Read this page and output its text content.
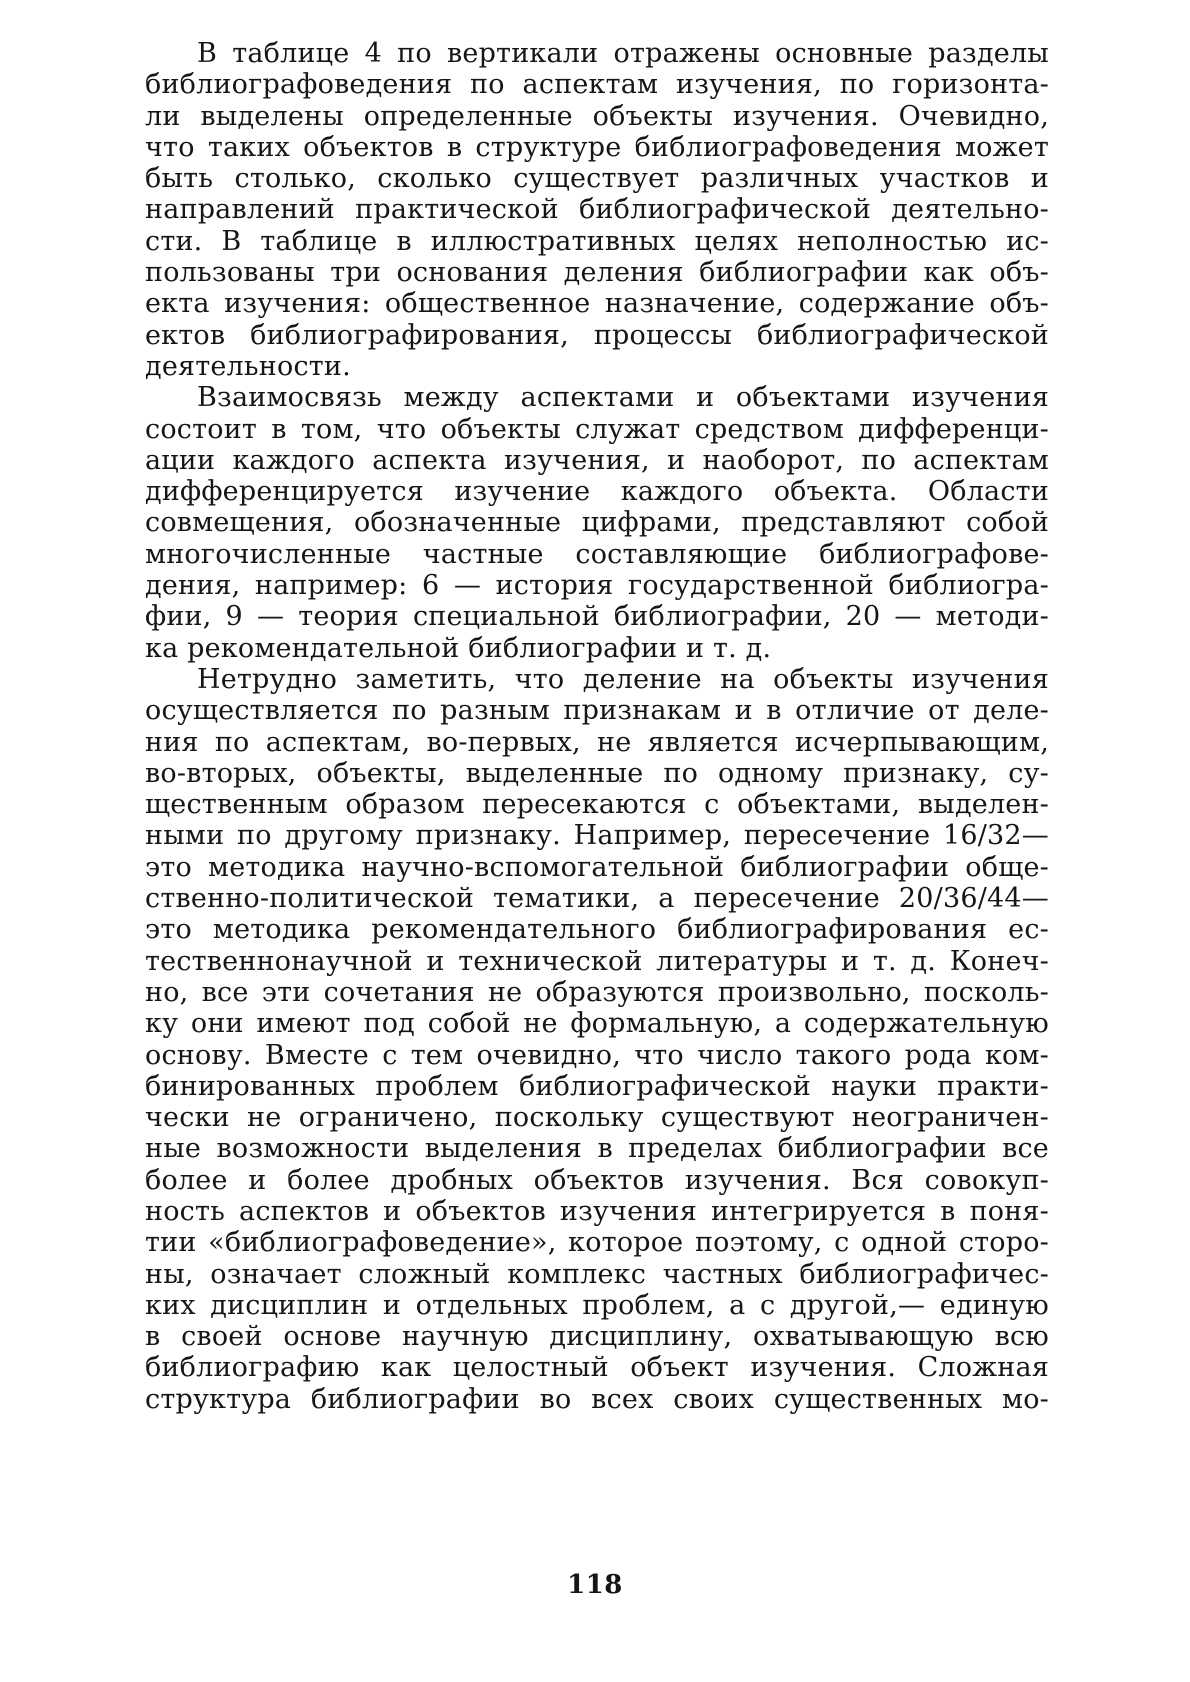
В таблице 4 по вертикали отражены основные разделы
библиографоведения по аспектам изучения, по горизонта-
ли выделены определенные объекты изучения. Очевидно,
что таких объектов в структуре библиографоведения может
быть столько, сколько существует различных участков и
направлений практической библиографической деятельно-
сти. В таблице в иллюстративных целях неполностью ис-
пользованы три основания деления библиографии как объ-
екта изучения: общественное назначение, содержание объ-
ектов библиографирования, процессы библиографической
деятельности.
Взаимосвязь между аспектами и объектами изучения
состоит в том, что объекты служат средством дифференци-
ации каждого аспекта изучения, и наоборот, по аспектам
дифференцируется изучение каждого объекта. Области
совмещения, обозначенные цифрами, представляют собой
многочисленные частные составляющие библиографове-
дения, например: 6 — история государственной библиогра-
фии, 9 — теория специальной библиографии, 20 — методи-
ка рекомендательной библиографии и т. д.
Нетрудно заметить, что деление на объекты изучения
осуществляется по разным признакам и в отличие от деле-
ния по аспектам, во-первых, не является исчерпывающим,
во-вторых, объекты, выделенные по одному признаку, су-
щественным образом пересекаются с объектами, выделен-
ными по другому признаку. Например, пересечение 16/32—
это методика научно-вспомогательной библиографии обще-
ственно-политической тематики, а пересечение 20/36/44—
это методика рекомендательного библиографирования ес-
тественнонаучной и технической литературы и т. д. Конеч-
но, все эти сочетания не образуются произвольно, посколь-
ку они имеют под собой не формальную, а содержательную
основу. Вместе с тем очевидно, что число такого рода ком-
бинированных проблем библиографической науки практи-
чески не ограничено, поскольку существуют неограничен-
ные возможности выделения в пределах библиографии все
более и более дробных объектов изучения. Вся совокуп-
ность аспектов и объектов изучения интегрируется в поня-
тии «библиографоведение», которое поэтому, с одной сторо-
ны, означает сложный комплекс частных библиографичес-
ких дисциплин и отдельных проблем, а с другой,— единую
в своей основе научную дисциплину, охватывающую всю
библиографию как целостный объект изучения. Сложная
структура библиографии во всех своих существенных мо-
118
